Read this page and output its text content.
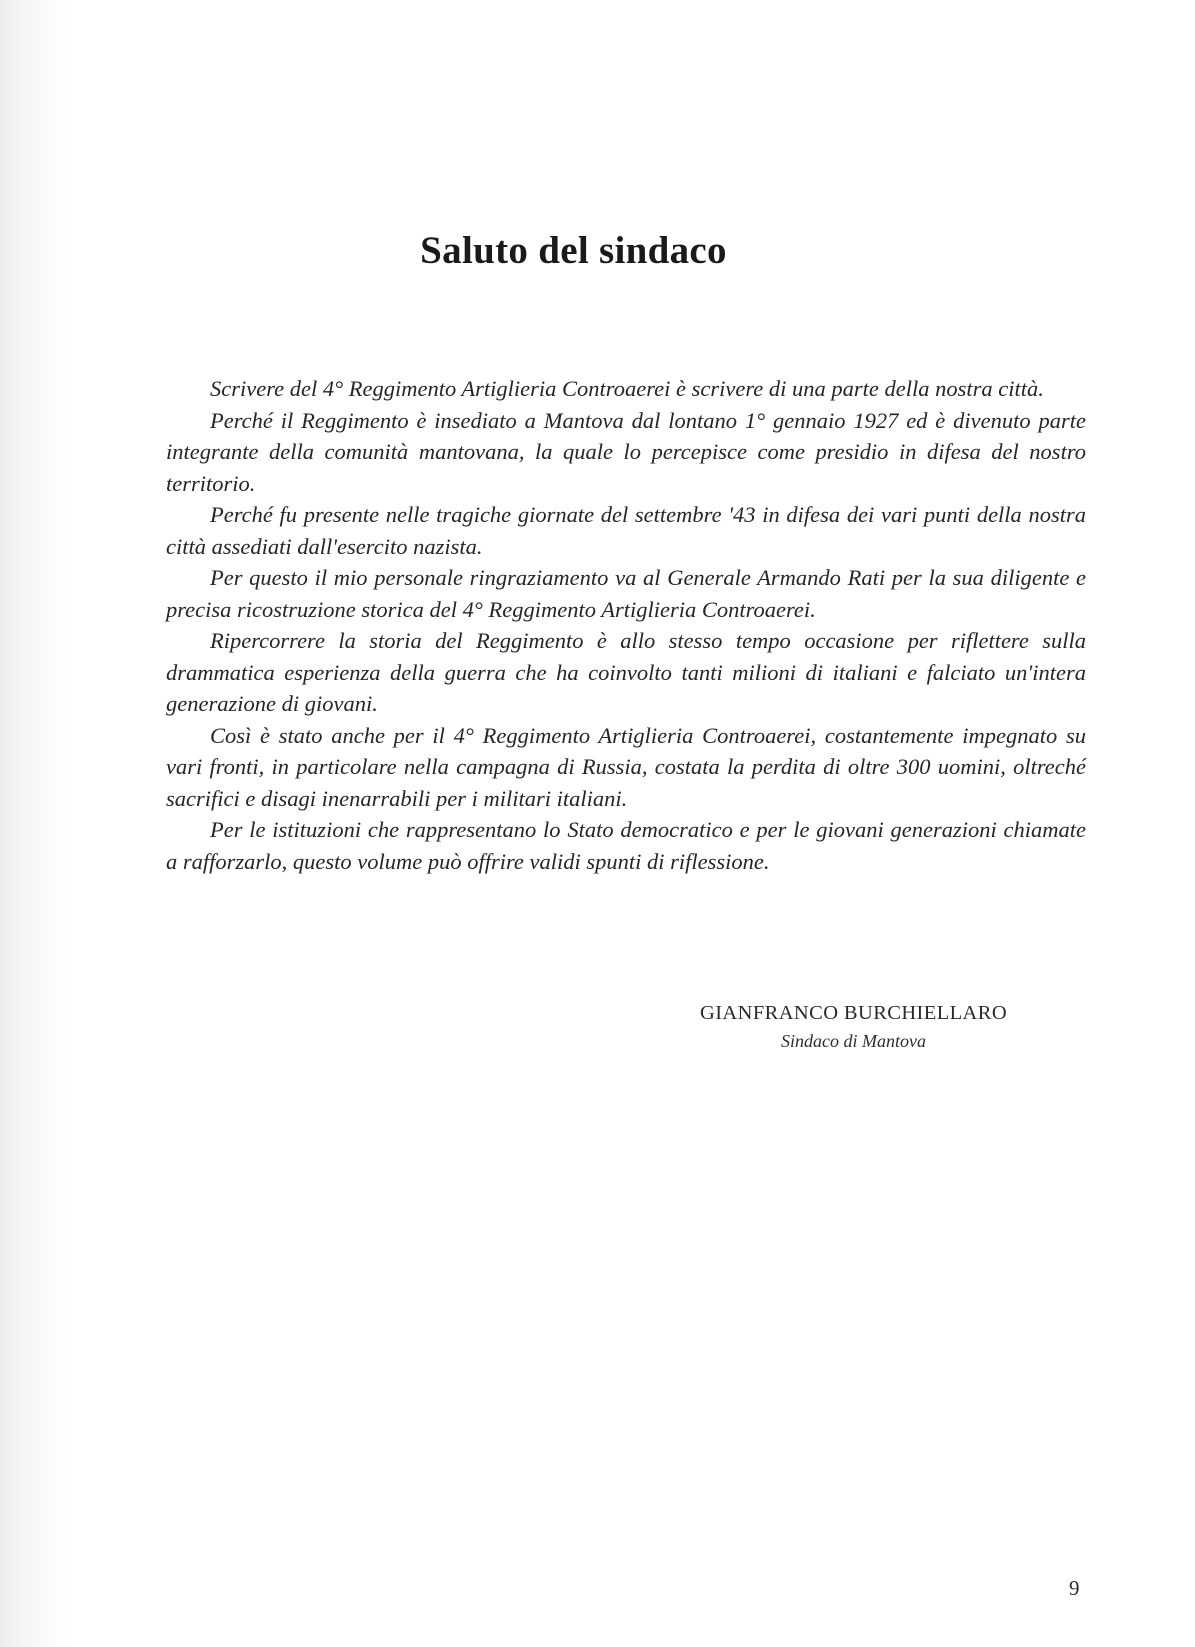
Saluto del sindaco

Scrivere del 4° Reggimento Artiglieria Controaerei è scrivere di una parte della nostra città.

Perché il Reggimento è insediato a Mantova dal lontano 1° gennaio 1927 ed è divenuto parte integrante della comunità mantovana, la quale lo percepisce come presidio in difesa del nostro territorio.

Perché fu presente nelle tragiche giornate del settembre '43 in difesa dei vari punti della nostra città assediati dall'esercito nazista.

Per questo il mio personale ringraziamento va al Generale Armando Rati per la sua diligente e precisa ricostruzione storica del 4° Reggimento Artiglieria Controaerei.

Ripercorrere la storia del Reggimento è allo stesso tempo occasione per riflettere sulla drammatica esperienza della guerra che ha coinvolto tanti milioni di italiani e falciato un'intera generazione di giovani.

Così è stato anche per il 4° Reggimento Artiglieria Controaerei, costantemente impegnato su vari fronti, in particolare nella campagna di Russia, costata la perdita di oltre 300 uomini, oltreché sacrifici e disagi inenarrabili per i militari italiani.

Per le istituzioni che rappresentano lo Stato democratico e per le giovani generazioni chiamate a rafforzarlo, questo volume può offrire validi spunti di riflessione.

GIANFRANCO BURCHIELLARO
Sindaco di Mantova
9
